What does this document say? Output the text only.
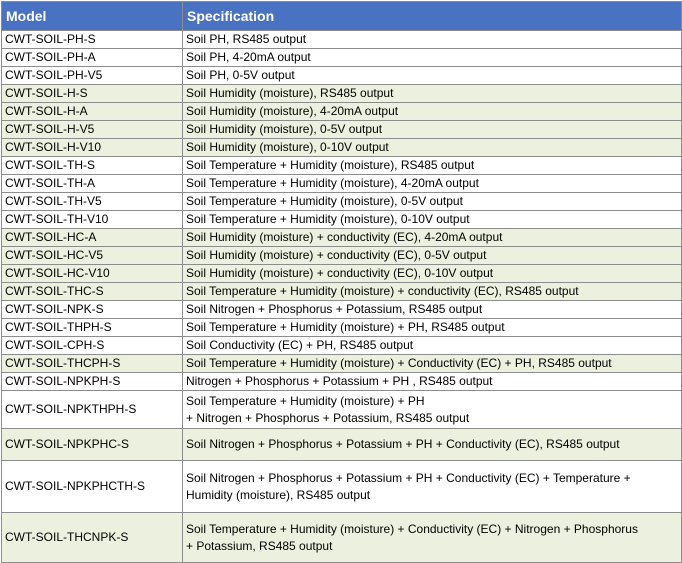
Model	Specification
CWT-SOIL-PH-S	Soil PH, RS485 output
CWT-SOIL-PH-A	Soil PH, 4-20mA output
CWT-SOIL-PH-V5	Soil PH, 0-5V output
CWT-SOIL-H-S	Soil Humidity (moisture), RS485 output
CWT-SOIL-H-A	Soil Humidity (moisture), 4-20mA output
CWT-SOIL-H-V5	Soil Humidity (moisture), 0-5V output
CWT-SOIL-H-V10	Soil Humidity (moisture), 0-10V output
CWT-SOIL-TH-S	Soil Temperature + Humidity (moisture), RS485 output
CWT-SOIL-TH-A	Soil Temperature + Humidity (moisture), 4-20mA output
CWT-SOIL-TH-V5	Soil Temperature + Humidity (moisture), 0-5V output
CWT-SOIL-TH-V10	Soil Temperature + Humidity (moisture), 0-10V output
CWT-SOIL-HC-A	Soil Humidity (moisture) + conductivity (EC), 4-20mA output
CWT-SOIL-HC-V5	Soil Humidity (moisture) + conductivity (EC), 0-5V output
CWT-SOIL-HC-V10	Soil Humidity (moisture) + conductivity (EC), 0-10V output
CWT-SOIL-THC-S	Soil Temperature + Humidity (moisture) + conductivity (EC), RS485 output
CWT-SOIL-NPK-S	Soil Nitrogen + Phosphorus + Potassium, RS485 output
CWT-SOIL-THPH-S	Soil Temperature + Humidity (moisture) + PH, RS485 output
CWT-SOIL-CPH-S	Soil Conductivity (EC) + PH, RS485 output
CWT-SOIL-THCPH-S	Soil Temperature + Humidity (moisture) + Conductivity (EC) + PH, RS485 output
CWT-SOIL-NPKPH-S	Nitrogen + Phosphorus + Potassium + PH , RS485 output
CWT-SOIL-NPKTHPH-S	Soil Temperature + Humidity (moisture) + PH
+ Nitrogen + Phosphorus + Potassium, RS485 output
CWT-SOIL-NPKPHC-S	Soil Nitrogen + Phosphorus + Potassium + PH + Conductivity (EC), RS485 output
CWT-SOIL-NPKPHCTH-S	Soil Nitrogen + Phosphorus + Potassium + PH + Conductivity (EC) + Temperature +
Humidity (moisture), RS485 output
CWT-SOIL-THCNPK-S	Soil Temperature + Humidity (moisture) + Conductivity (EC) + Nitrogen + Phosphorus
+ Potassium, RS485 output
